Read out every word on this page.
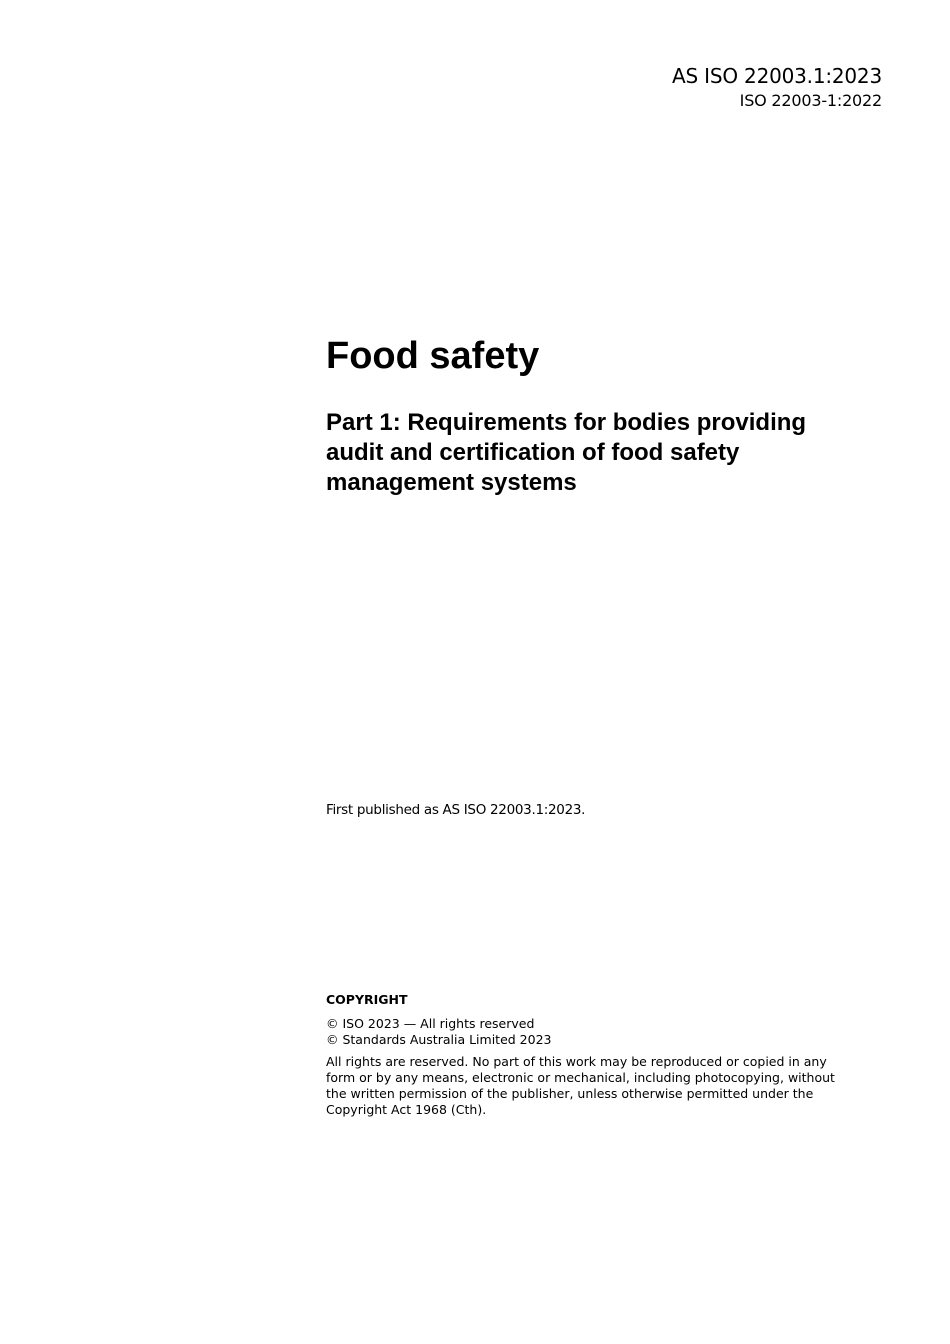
AS ISO 22003.1:2023
ISO 22003-1:2022
Food safety
Part 1: Requirements for bodies providing audit and certification of food safety management systems
First published as AS ISO 22003.1:2023.

COPYRIGHT

© ISO 2023 — All rights reserved

© Standards Australia Limited 2023

All rights are reserved. No part of this work may be reproduced or copied in any form or by any means, electronic or mechanical, including photocopying, without the written permission of the publisher, unless otherwise permitted under the Copyright Act 1968 (Cth).
